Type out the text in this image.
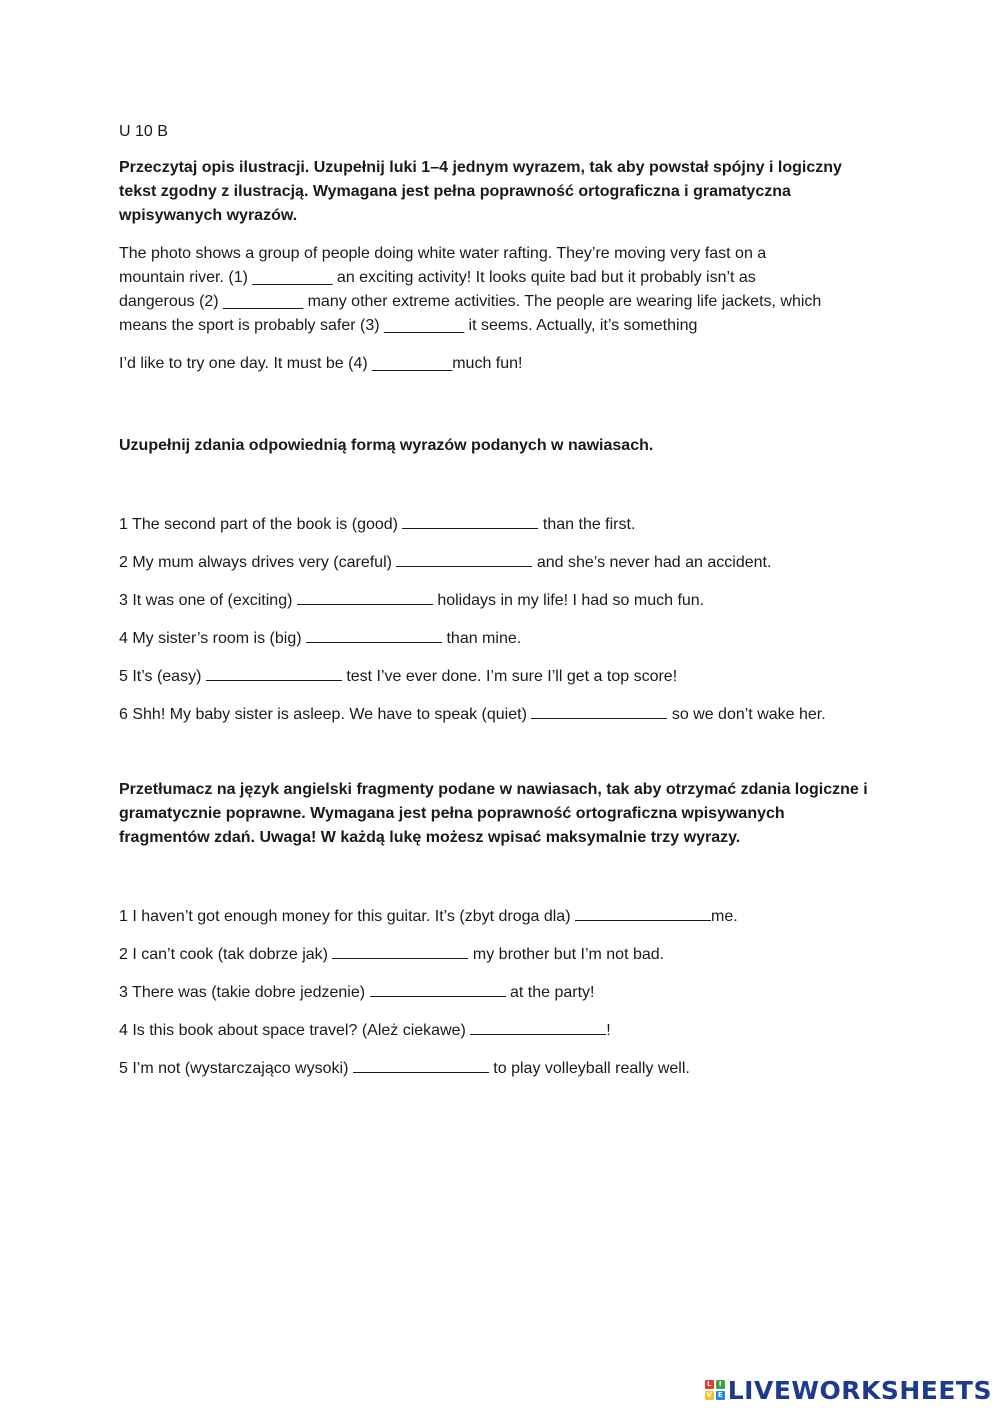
U 10 B

Przeczytaj opis ilustracji. Uzupełnij luki 1–4 jednym wyrazem, tak aby powstał spójny i logiczny tekst zgodny z ilustracją. Wymagana jest pełna poprawność ortograficzna i gramatyczna wpisywanych wyrazów.

The photo shows a group of people doing white water rafting. They’re moving very fast on a

mountain river. (1) _________ an exciting activity! It looks quite bad but it probably isn’t as

dangerous (2) _________ many other extreme activities. The people are wearing life jackets, which

means the sport is probably safer (3) _________ it seems. Actually, it’s something

I’d like to try one day. It must be (4) _________much fun!

Uzupełnij zdania odpowiednią formą wyrazów podanych w nawiasach.

1 The second part of the book is (good)	than the first.

2 My mum always drives very (careful)	and she’s never had an accident.

3 It was one of (exciting)	holidays in my life! I had so much fun.

4 My sister’s room is (big)	than mine.

5 It’s (easy)	test I’ve ever done. I’m sure I’ll get a top score!

6 Shh! My baby sister is asleep. We have to speak (quiet)	so we don’t wake her.

Przetłumacz na język angielski fragmenty podane w nawiasach, tak aby otrzymać zdania logiczne i gramatycznie poprawne. Wymagana jest pełna poprawność ortograficzna wpisywanych fragmentów zdań. Uwaga! W każdą lukę możesz wpisać maksymalnie trzy wyrazy.

1 I haven’t got enough money for this guitar. It’s (zbyt droga dla)	me.

2 I can’t cook (tak dobrze jak)	my brother but I’m not bad.

3 There was (takie dobre jedzenie)	at the party!

4 Is this book about space travel? (Ależ ciekawe)	!

5 I’m not (wystarczająco wysoki)	to play volleyball really well.

L	I
V E LIVEWORKSHEETS
